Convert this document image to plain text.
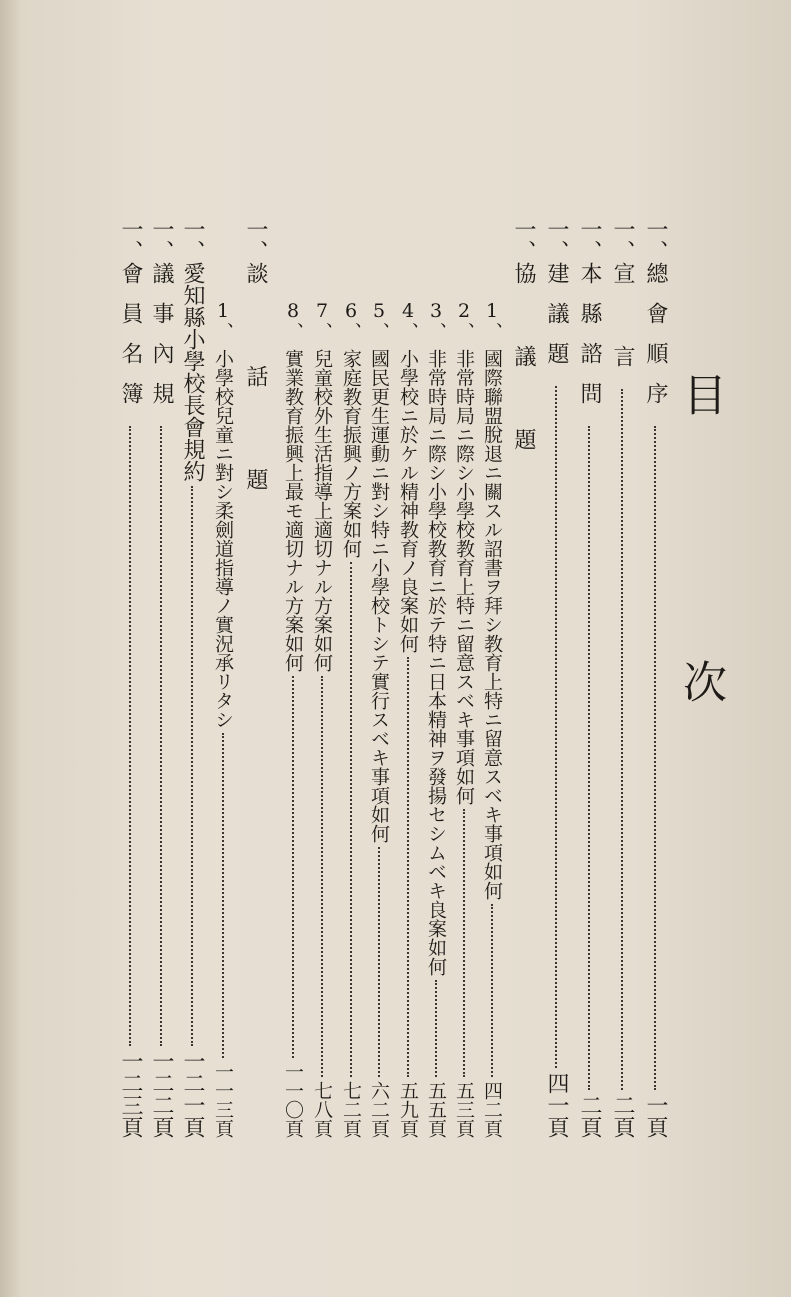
目 次
一、
總會順序
一頁
一、
宣 言
二頁
一、
本縣諮問
二頁
一、
建議題
四一頁
一、
協 議 題
1、
國際聯盟脫退ニ關スル詔書ヲ拜シ教育上特ニ留意スベキ事項如何
四二頁
2、
非常時局ニ際シ小學校教育上特ニ留意スベキ事項如何
五三頁
3、
非常時局ニ際シ小學校教育ニ於テ特ニ日本精神ヲ發揚セシムベキ良案如何
五五頁
4、
小學校ニ於ケル精神教育ノ良案如何
五九頁
5、
國民更生運動ニ對シ特ニ小學校トシテ實行スベキ事項如何
六二頁
6、
家庭教育振興ノ方案如何
七二頁
7、
兒童校外生活指導上適切ナル方案如何
七八頁
8、
實業教育振興上最モ適切ナル方案如何
一一〇頁
一、
談 話 題
1、
小學校兒童ニ對シ柔劍道指導ノ實況承リタシ
一一三頁
一、
愛知縣小學校長會規約
一二一頁
一、
議事內規
一二二頁
一、
會員名簿
一二三頁
